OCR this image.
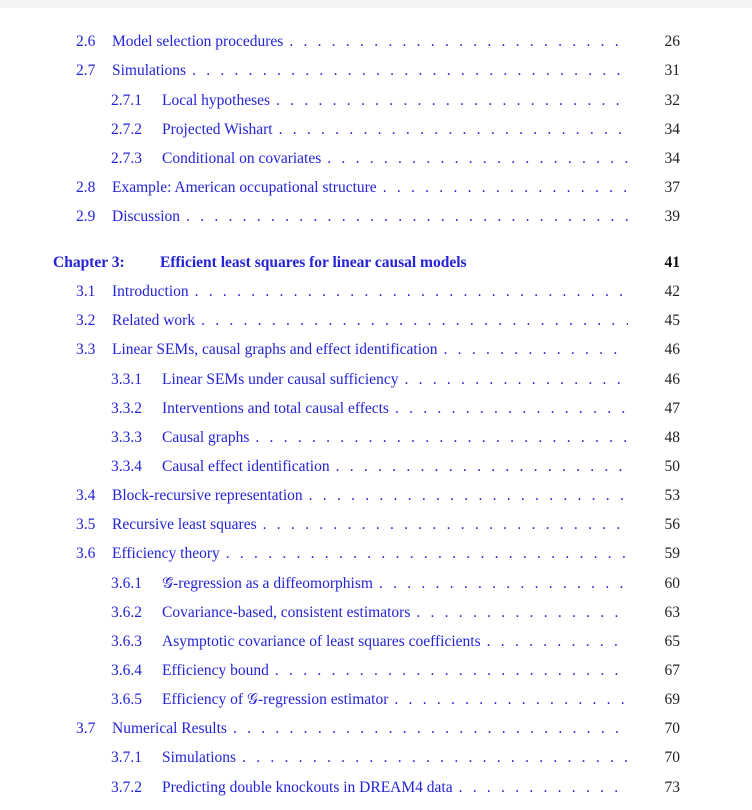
2.6	Model selection procedures . . .	26
2.7	Simulations . . .	31
2.7.1	Local hypotheses . . .	32
2.7.2	Projected Wishart . . .	34
2.7.3	Conditional on covariates . . .	34
2.8	Example: American occupational structure . . .	37
2.9	Discussion . . .	39
Chapter 3:	Efficient least squares for linear causal models	41
3.1	Introduction . . .	42
3.2	Related work . . .	45
3.3	Linear SEMs, causal graphs and effect identification . . .	46
3.3.1	Linear SEMs under causal sufficiency . . .	46
3.3.2	Interventions and total causal effects . . .	47
3.3.3	Causal graphs . . .	48
3.3.4	Causal effect identification . . .	50
3.4	Block-recursive representation . . .	53
3.5	Recursive least squares . . .	56
3.6	Efficiency theory . . .	59
3.6.1	𝒢̃-regression as a diffeomorphism . . .	60
3.6.2	Covariance-based, consistent estimators . . .	63
3.6.3	Asymptotic covariance of least squares coefficients . . .	65
3.6.4	Efficiency bound . . .	67
3.6.5	Efficiency of 𝒢-regression estimator . . .	69
3.7	Numerical Results . . .	70
3.7.1	Simulations . . .	70
3.7.2	Predicting double knockouts in DREAM4 data . . .	73
